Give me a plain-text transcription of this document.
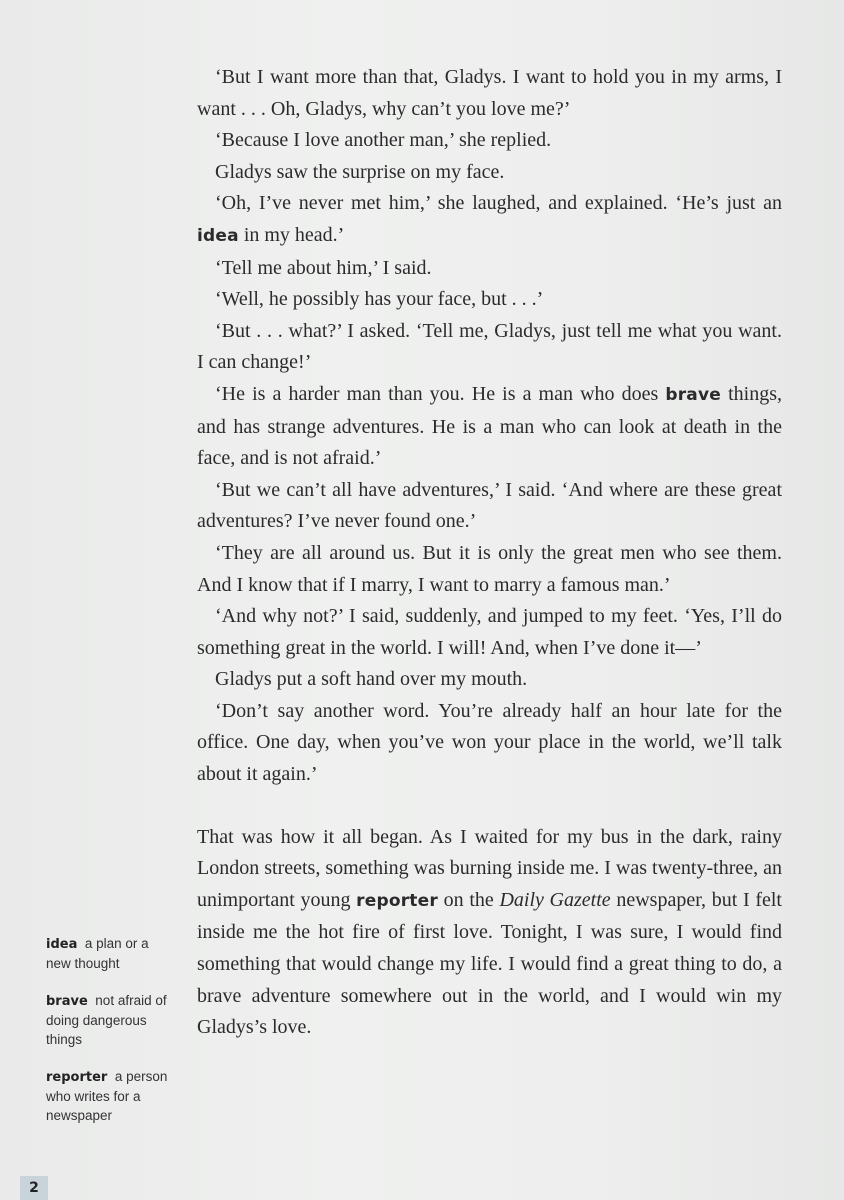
‘But I want more than that, Gladys. I want to hold you in my arms, I want . . . Oh, Gladys, why can’t you love me?’

‘Because I love another man,’ she replied.

Gladys saw the surprise on my face.

‘Oh, I’ve never met him,’ she laughed, and explained. ‘He’s just an idea in my head.’

‘Tell me about him,’ I said.

‘Well, he possibly has your face, but . . .’

‘But . . . what?’ I asked. ‘Tell me, Gladys, just tell me what you want. I can change!’

‘He is a harder man than you. He is a man who does brave things, and has strange adventures. He is a man who can look at death in the face, and is not afraid.’

‘But we can’t all have adventures,’ I said. ‘And where are these great adventures? I’ve never found one.’

‘They are all around us. But it is only the great men who see them. And I know that if I marry, I want to marry a famous man.’

‘And why not?’ I said, suddenly, and jumped to my feet. ‘Yes, I’ll do something great in the world. I will! And, when I’ve done it—’

Gladys put a soft hand over my mouth.

‘Don’t say another word. You’re already half an hour late for the office. One day, when you’ve won your place in the world, we’ll talk about it again.’

That was how it all began. As I waited for my bus in the dark, rainy London streets, something was burning inside me. I was twenty-three, an unimportant young reporter on the Daily Gazette newspaper, but I felt inside me the hot fire of first love. Tonight, I was sure, I would find something that would change my life. I would find a great thing to do, a brave adventure somewhere out in the world, and I would win my Gladys’s love.

idea a plan or a new thought
brave not afraid of doing dangerous things
reporter a person who writes for a newspaper
2
